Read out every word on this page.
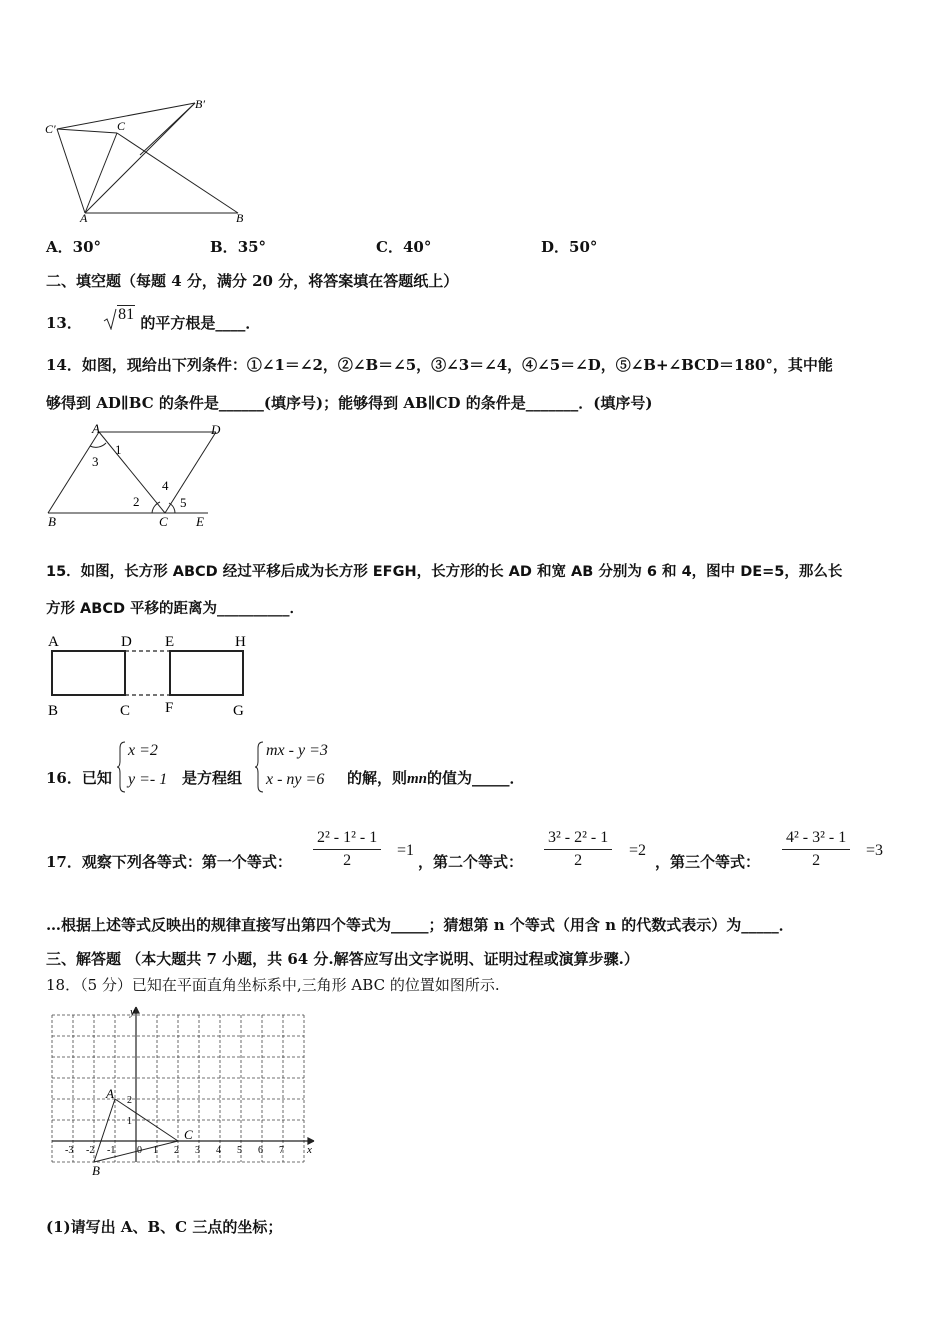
C′	C
B′
A	B
A．30°	B．35°	C．40°	D．50°
二、填空题（每题 4 分，满分 20 分，将答案填在答题纸上）
13． 81 的平方根是____．
14．如图，现给出下列条件：①∠1＝∠2，②∠B＝∠5，③∠3＝∠4，④∠5＝∠D，⑤∠B+∠BCD＝180°，其中能
够得到 AD∥BC 的条件是______(填序号)；能够得到 AB∥CD 的条件是_______．(填序号)
A	D
B	C E
1
3
2
4
5
15．如图，长方形 ABCD 经过平移后成为长方形 EFGH，长方形的长 AD 和宽 AB 分别为 6 和 4，图中 DE=5，那么长
方形 ABCD 平移的距离为__________．
A	D E	H
B	C F	G
16．已知
x =2
y =- 1 是方程组
mx - y =3
x - ny =6 的解，则mn的值为_____．
17．观察下列各等式：第一个等式： $\frac{\text{2² - 1² - 1}}{2} =1$
，第二个等式： $\frac{\text{3² - 2² - 1}}{2} =2$
，第三个等式： $\frac{\text{4² - 3² - 1}}{2} =3$
…根据上述等式反映出的规律直接写出第四个等式为_____；猜想第 n 个等式（用含 n 的代数式表示）为_____．
三、解答题 （本大题共 7 小题，共 64 分.解答应写出文字说明、证明过程或演算步骤.）
18．（5 分）已知在平面直角坐标系中,三角形 ABC 的位置如图所示.
-3 -2 -1 0 1 2 3 4 5 6 7
2
1
x
y
A
B
C
(1)请写出 A、B、C 三点的坐标；
